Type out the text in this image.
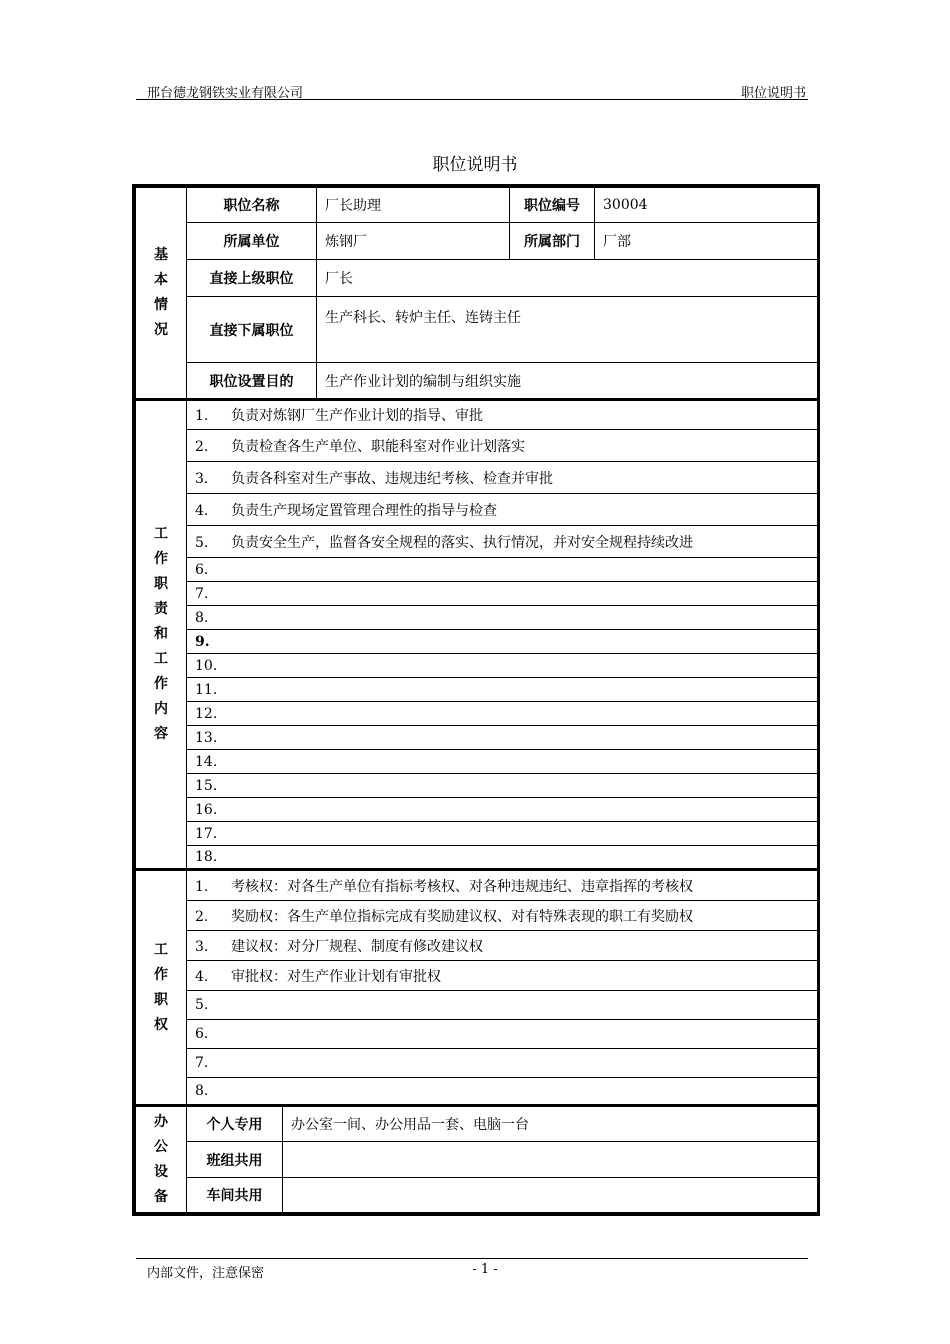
邢台德龙钢铁实业有限公司	职位说明书
职位说明书
基本情况	职位名称		厂长助理	职位编号	30004
	所属单位		炼钢厂	所属部门	厂部
	直接上级职位		厂长		
	直接下属职位		生产科长、转炉主任、连铸主任		
	职位设置目的		生产作业计划的编制与组织实施		
工作职责和工作内容	1. 负责对炼钢厂生产作业计划的指导、审批				
	2. 负责检查各生产单位、职能科室对作业计划落实				
	3. 负责各科室对生产事故、违规违纪考核、检查并审批				
	4. 负责生产现场定置管理合理性的指导与检查				
	5. 负责安全生产，监督各安全规程的落实、执行情况，并对安全规程持续改进				
	6.				
	7.				
	8.				
	9.				
	10.				
	11.				
	12.				
	13.				
	14.				
	15.				
	16.				
	17.				
	18.				
工作职权	1. 考核权：对各生产单位有指标考核权、对各种违规违纪、违章指挥的考核权				
	2. 奖励权：各生产单位指标完成有奖励建议权、对有特殊表现的职工有奖励权				
	3. 建议权：对分厂规程、制度有修改建议权				
	4. 审批权：对生产作业计划有审批权				
	5.				
	6.				
	7.				
	8.				
办公设备	个人专用	办公室一间、办公用品一套、电脑一台			
	班组共用				
	车间共用				
内部文件，注意保密	- 1 -
